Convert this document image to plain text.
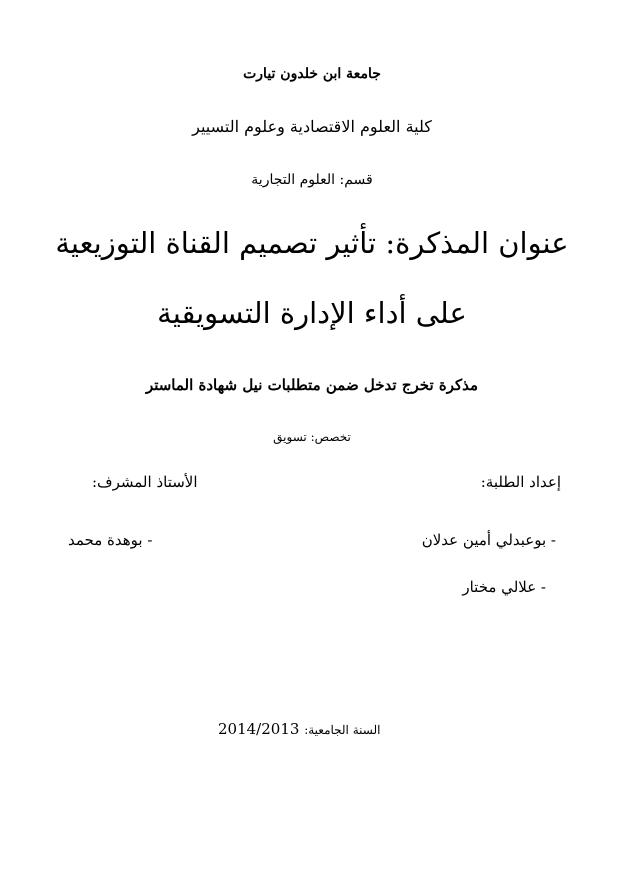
جامعة ابن خلدون تيارت
كلية العلوم الاقتصادية وعلوم التسيير
قسم: العلوم التجارية
عنوان المذكرة: تأثير تصميم القناة التوزيعية
على أداء الإدارة التسويقية
مذكرة تخرج تدخل ضمن متطلبات نيل شهادة الماستر
تخصص: تسويق
إعداد الطلبة:
- بوعبدلي أمين عدلان
- علالي مختار
الأستاذ المشرف:
- بوهدة محمد
السنة الجامعية: 2014/2013
